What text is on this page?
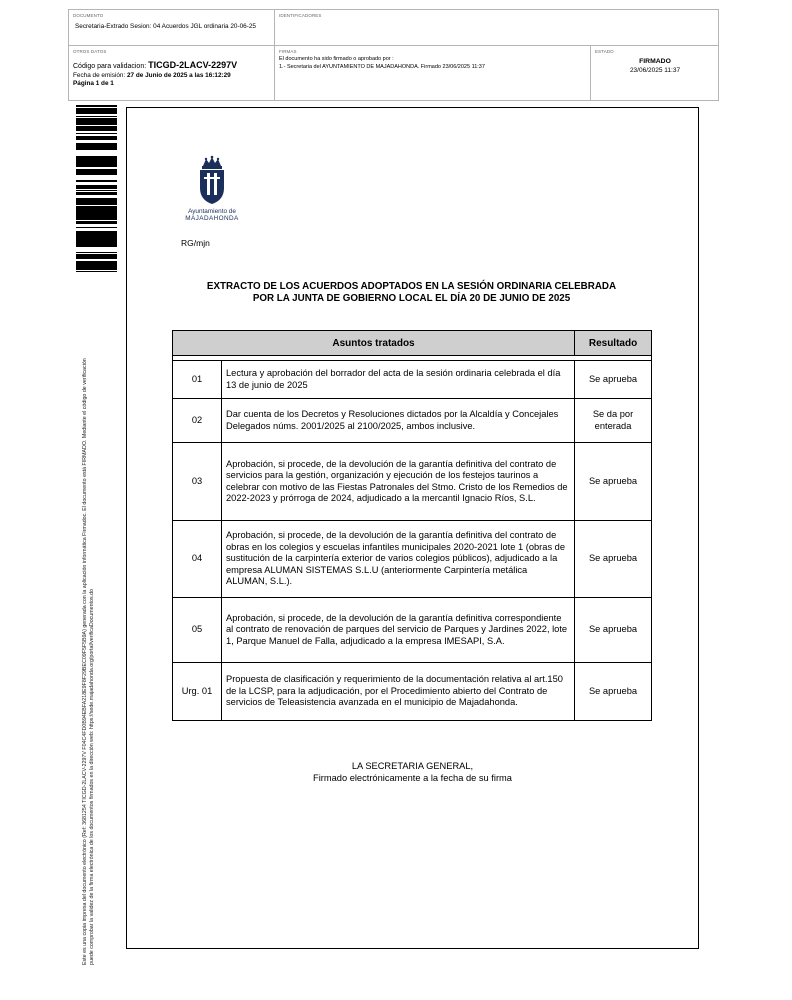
DOCUMENTO
Secretaria-Extrado Sesion: 04 Acuerdos JGL ordinaria 20-06-25
IDENTIFICADORES
OTROS DATOS
Código para validacion: TICGD-2LACV-2297V
Fecha de emisión: 27 de Junio de 2025 a las 16:12:29
Página 1 de 1
FIRMAS
El documento ha sido firmado o aprobado por :
1.- Secretaria del AYUNTAMIENTO DE MAJADAHONDA. Firmado 23/06/2025 11:37
ESTADO
FIRMADO
23/06/2025 11:37
Este es una copia impresa del documento electrónico (Ref: 3681254 TICGD-2LACV-2297V F04C4FD0B94EBFA218E9F8F29BEC09F5F5B9A) generada con la aplicación informática Firmadoc. El documento está FIRMADO. Mediante el código de verificación puede comprobar la validez de la firma electrónica de los documentos firmados en la dirección web: https://sede.majadahonda.org/portal/verificaDocumentos.do
Ayuntamiento de
MAJADAHONDA
RG/mjn
EXTRACTO DE LOS ACUERDOS ADOPTADOS EN LA SESIÓN ORDINARIA CELEBRADA
POR LA JUNTA DE GOBIERNO LOCAL EL DÍA 20 DE JUNIO DE 2025
Asuntos tratados		Resultado

01	Lectura y aprobación del borrador del acta de la sesión ordinaria celebrada el día 13 de junio de 2025	Se aprueba
02	Dar cuenta de los Decretos y Resoluciones dictados por la Alcaldía y Concejales Delegados núms. 2001/2025 al 2100/2025, ambos inclusive.	Se da por enterada
03	Aprobación, si procede, de la devolución de la garantía definitiva del contrato de servicios para la gestión, organización y ejecución de los festejos taurinos a celebrar con motivo de las Fiestas Patronales del Stmo. Cristo de los Remedios de 2022-2023 y prórroga de 2024, adjudicado a la mercantil Ignacio Ríos, S.L.	Se aprueba
04	Aprobación, si procede, de la devolución de la garantía definitiva del contrato de obras en los colegios y escuelas infantiles municipales 2020-2021 lote 1 (obras de sustitución de la carpintería exterior de varios colegios públicos), adjudicado a la empresa ALUMAN SISTEMAS S.L.U (anteriormente Carpintería metálica ALUMAN, S.L.).	Se aprueba
05	Aprobación, si procede, de la devolución de la garantía definitiva correspondiente al contrato de renovación de parques del servicio de Parques y Jardines 2022, lote 1, Parque Manuel de Falla, adjudicado a la empresa IMESAPI, S.A.	Se aprueba
Urg. 01	Propuesta de clasificación y requerimiento de la documentación relativa al art.150 de la LCSP, para la adjudicación, por el Procedimiento abierto del Contrato de servicios de Teleasistencia avanzada en el municipio de Majadahonda.	Se aprueba
LA SECRETARIA GENERAL,
Firmado electrónicamente a la fecha de su firma
